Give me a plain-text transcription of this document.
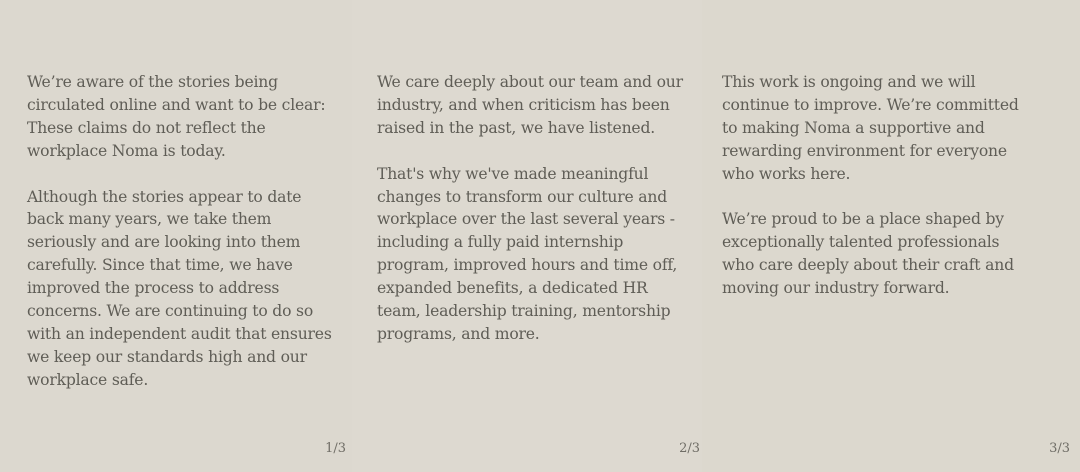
We’re aware of the stories being circulated online and want to be clear: These claims do not reflect the workplace Noma is today.

Although the stories appear to date back many years, we take them seriously and are looking into them carefully. Since that time, we have improved the process to address concerns. We are continuing to do so with an independent audit that ensures we keep our standards high and our workplace safe.

1/3

We care deeply about our team and our industry, and when criticism has been raised in the past, we have listened.

That's why we've made meaningful changes to transform our culture and workplace over the last several years - including a fully paid internship program, improved hours and time off, expanded benefits, a dedicated HR team, leadership training, mentorship programs, and more.

2/3

This work is ongoing and we will continue to improve. We’re committed to making Noma a supportive and rewarding environment for everyone who works here.

We’re proud to be a place shaped by exceptionally talented professionals who care deeply about their craft and moving our industry forward.

3/3
